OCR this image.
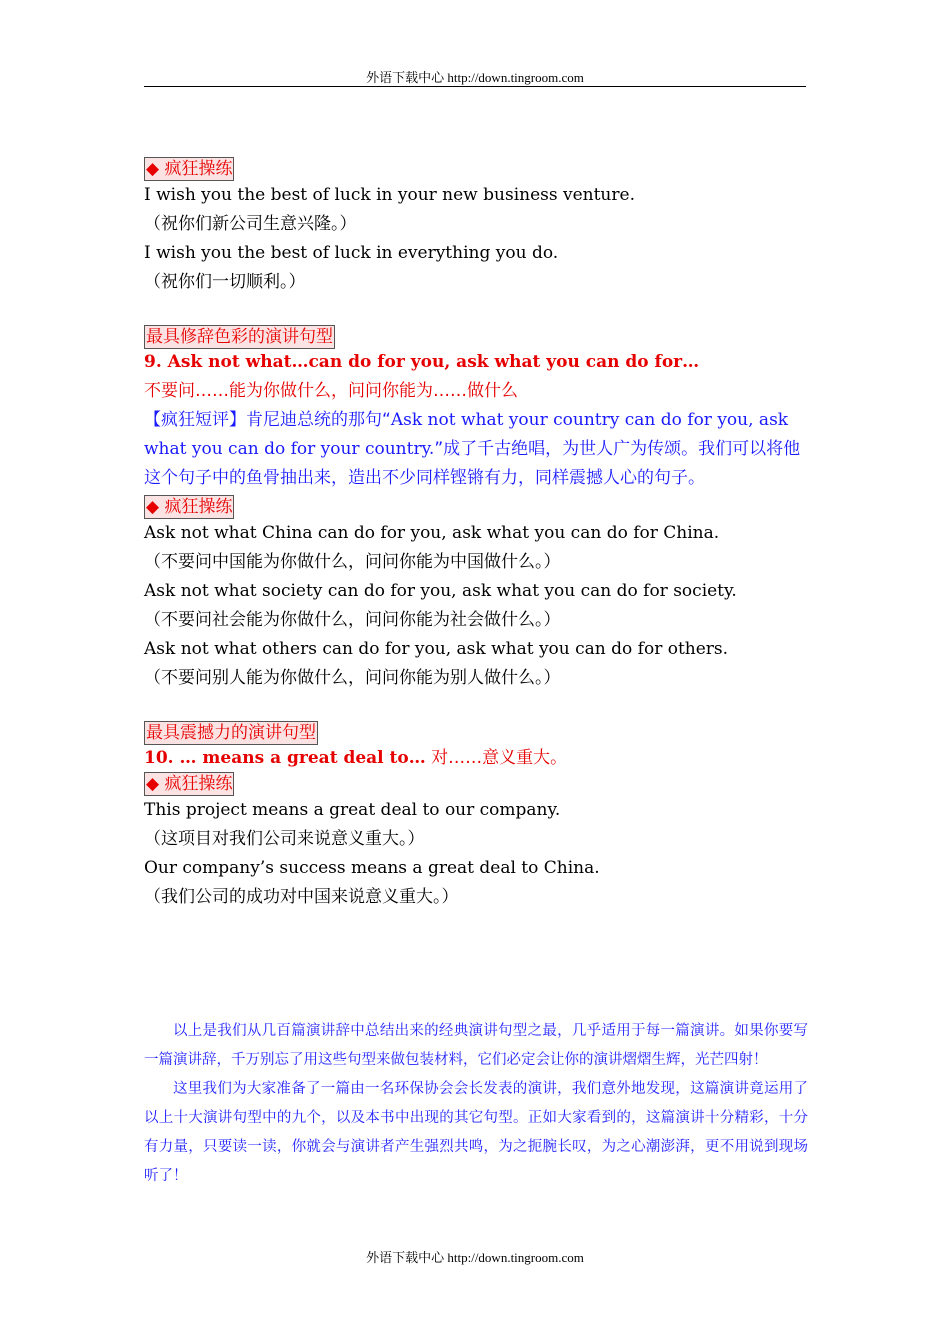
外语下载中心 http://down.tingroom.com
◆ 疯狂操练
I wish you the best of luck in your new business venture.
（祝你们新公司生意兴隆。）
I wish you the best of luck in everything you do.
（祝你们一切顺利。）
最具修辞色彩的演讲句型
9. Ask not what…can do for you, ask what you can do for…
不要问……能为你做什么，问问你能为……做什么
【疯狂短评】肯尼迪总统的那句“Ask not what your country can do for you, ask what you can do for your country.”成了千古绝唱，为世人广为传颂。我们可以将他这个句子中的鱼骨抽出来，造出不少同样铿锵有力，同样震撼人心的句子。
◆ 疯狂操练
Ask not what China can do for you, ask what you can do for China.
（不要问中国能为你做什么，问问你能为中国做什么。）
Ask not what society can do for you, ask what you can do for society.
（不要问社会能为你做什么，问问你能为社会做什么。）
Ask not what others can do for you, ask what you can do for others.
（不要问别人能为你做什么，问问你能为别人做什么。）
最具震撼力的演讲句型
10. … means a great deal to… 对……意义重大。
◆ 疯狂操练
This project means a great deal to our company.
（这项目对我们公司来说意义重大。）
Our company’s success means a great deal to China.
（我们公司的成功对中国来说意义重大。）

以上是我们从几百篇演讲辞中总结出来的经典演讲句型之最，几乎适用于每一篇演讲。如果你要写一篇演讲辞，千万别忘了用这些句型来做包装材料，它们必定会让你的演讲熠熠生辉，光芒四射！

这里我们为大家准备了一篇由一名环保协会会长发表的演讲，我们意外地发现，这篇演讲竟运用了以上十大演讲句型中的九个，以及本书中出现的其它句型。正如大家看到的，这篇演讲十分精彩，十分有力量，只要读一读，你就会与演讲者产生强烈共鸣，为之扼腕长叹，为之心潮澎湃，更不用说到现场听了！

外语下载中心 http://down.tingroom.com
